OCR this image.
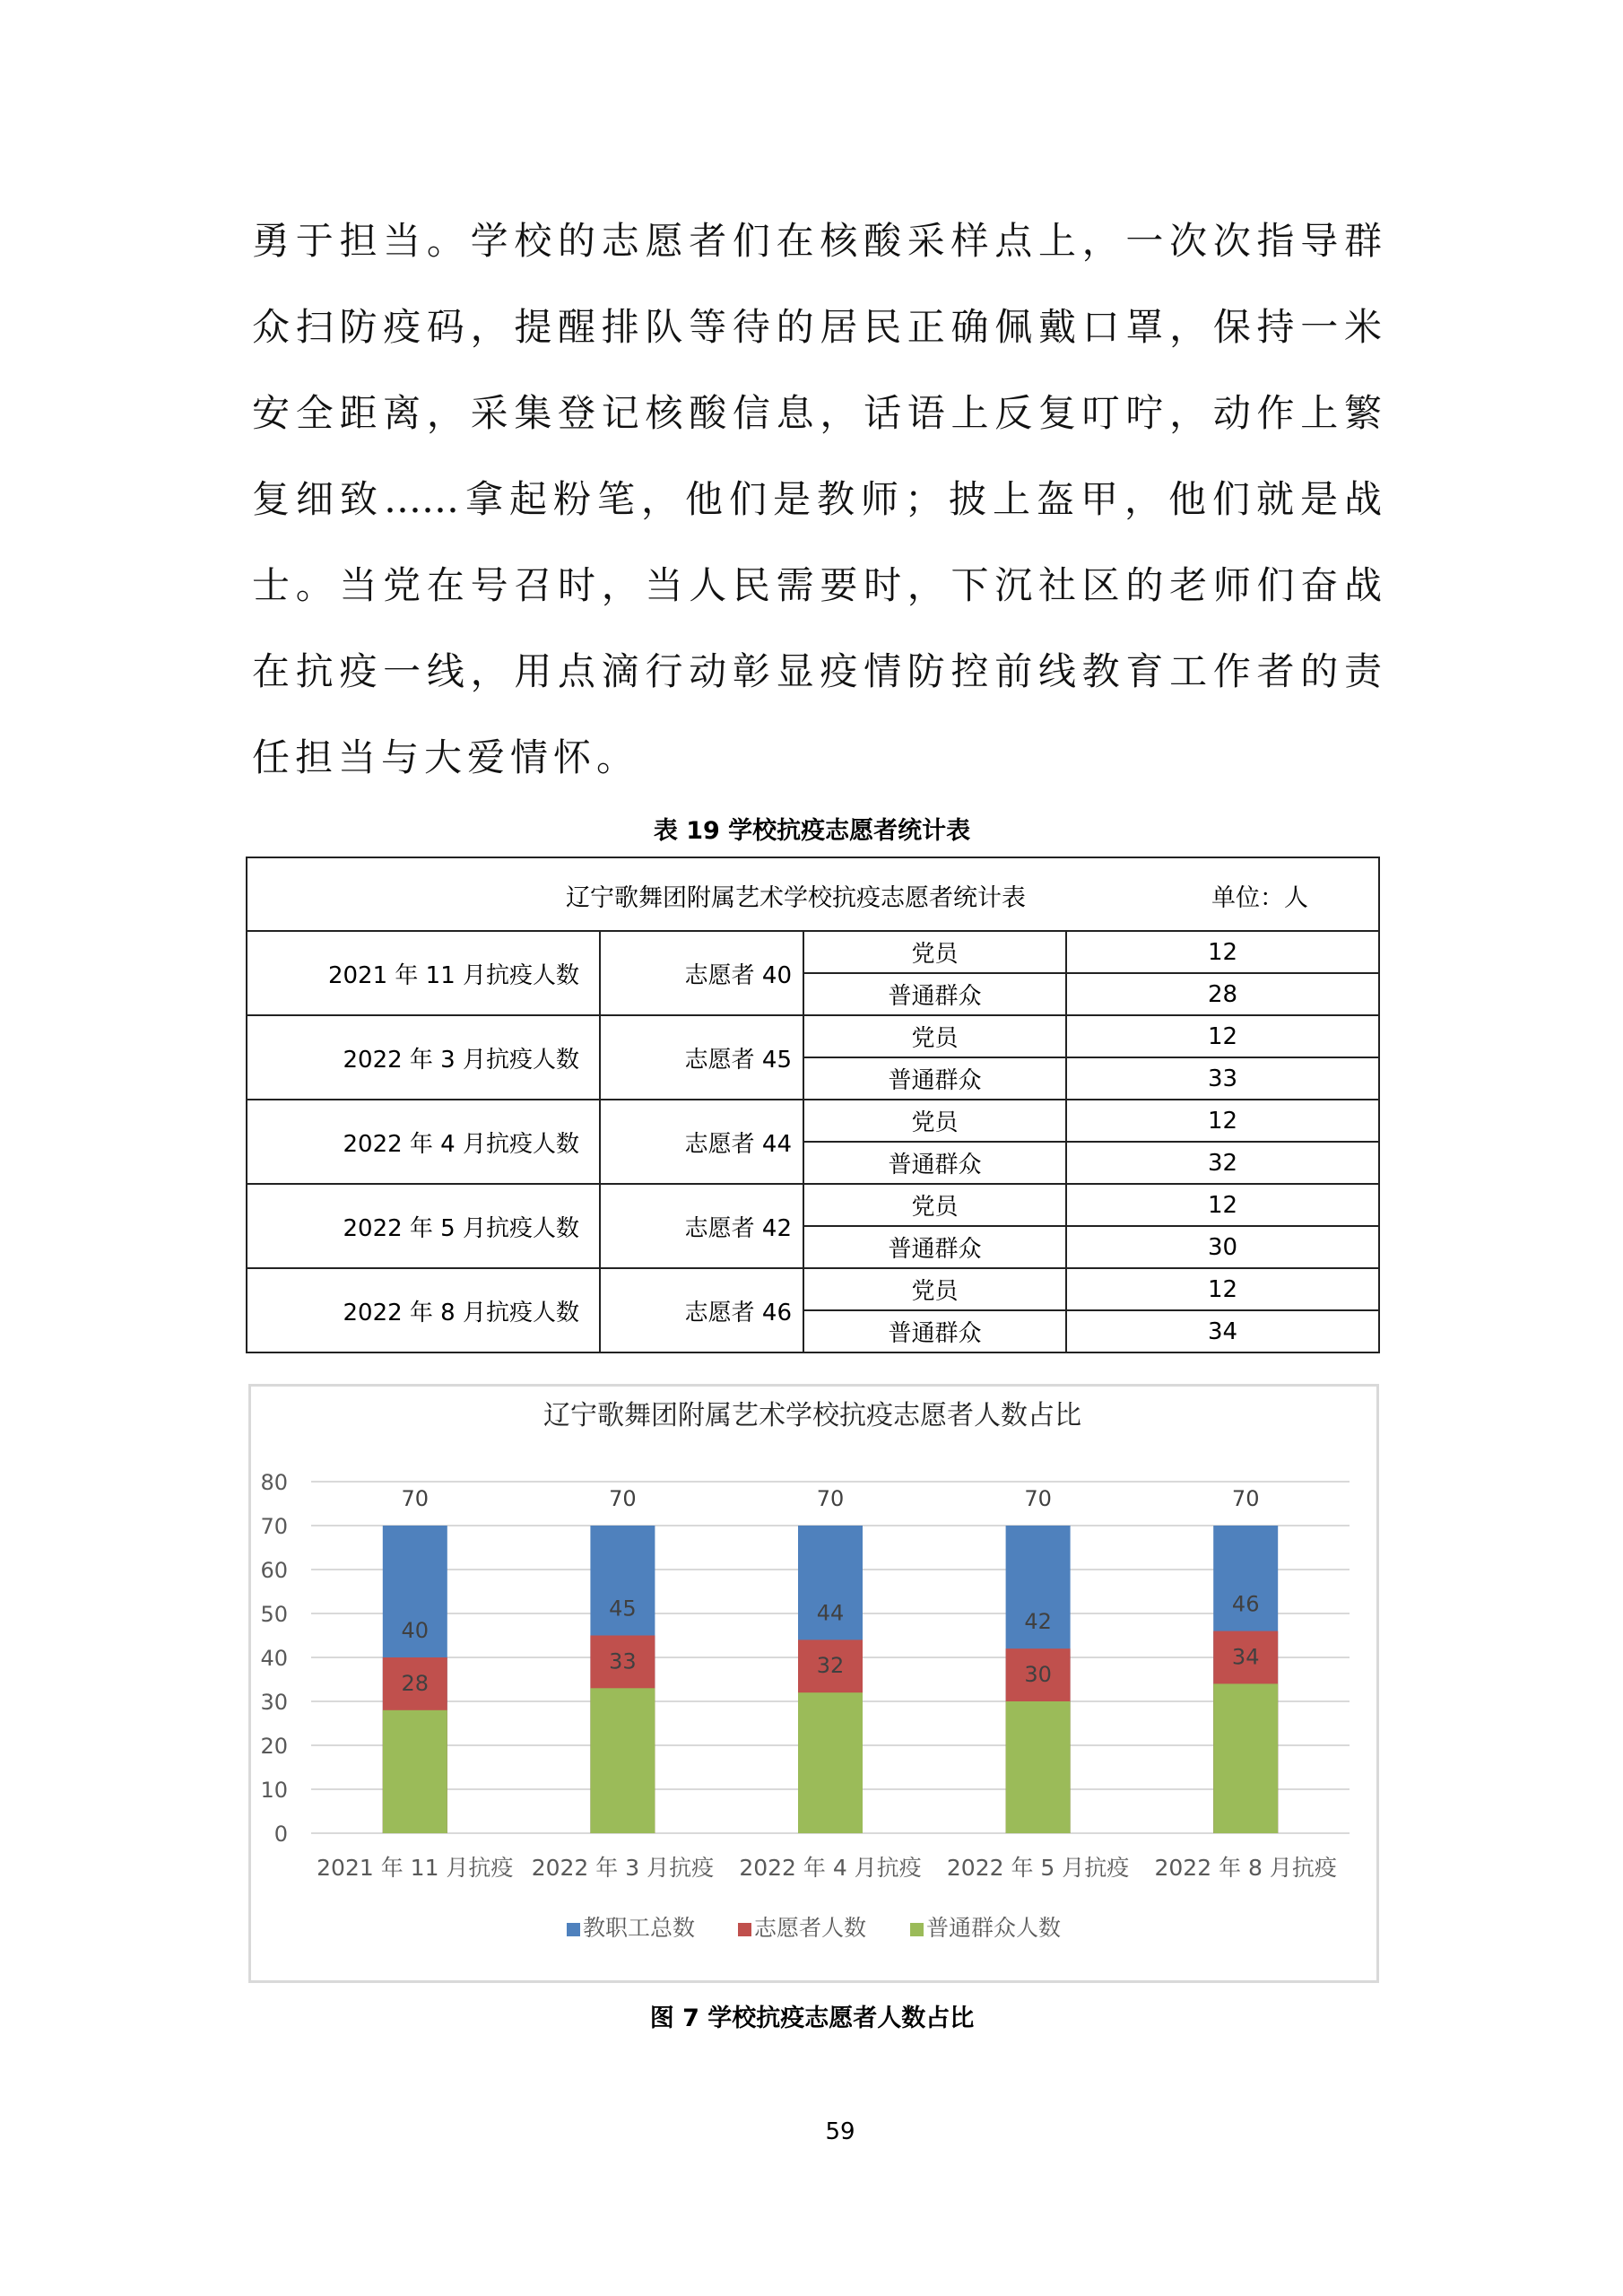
勇于担当。学校的志愿者们在核酸采样点上，一次次指导群
众扫防疫码，提醒排队等待的居民正确佩戴口罩，保持一米
安全距离，采集登记核酸信息，话语上反复叮咛，动作上繁
复细致……拿起粉笔，他们是教师；披上盔甲，他们就是战
士。当党在号召时，当人民需要时，下沉社区的老师们奋战
在抗疫一线，用点滴行动彰显疫情防控前线教育工作者的责
任担当与大爱情怀。
表 19 学校抗疫志愿者统计表
辽宁歌舞团附属艺术学校抗疫志愿者统计表 单位：人			

2021 年 11 月抗疫人数	志愿者 40	党员	12
		普通群众	28
2022 年 3 月抗疫人数	志愿者 45	党员	12
		普通群众	33
2022 年 4 月抗疫人数	志愿者 44	党员	12
		普通群众	32
2022 年 5 月抗疫人数	志愿者 42	党员	12
		普通群众	30
2022 年 8 月抗疫人数	志愿者 46	党员	12
		普通群众	34
辽宁歌舞团附属艺术学校抗疫志愿者人数占比
0
10
20
30
40
50
60
70
80
70	70	70	70	70
40
45	44	42
46
28
33	32	30
34
2021 年 11 月抗疫 2022 年 3 月抗疫 2022 年 4 月抗疫 2022 年 5 月抗疫 2022 年 8 月抗疫
教职工总数	志愿者人数	普通群众人数
图 7 学校抗疫志愿者人数占比
59
